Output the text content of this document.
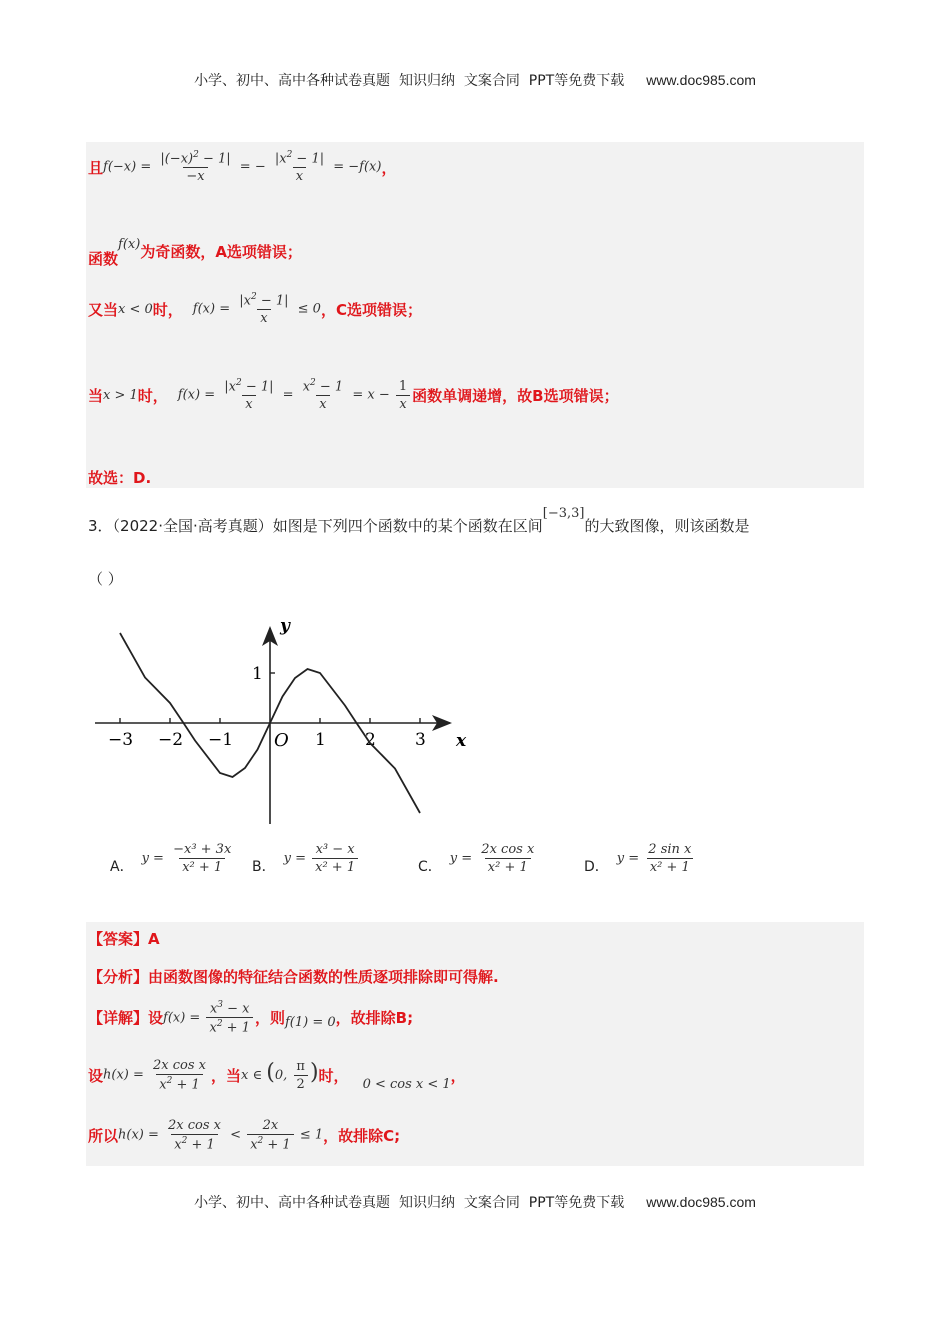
小学、初中、高中各种试卷真题  知识归纳  文案合同  PPT等免费下载 www.doc985.com
且 $f(-x) = \frac{|(-x)^2 - 1|}{-x}$ = − $\frac{|x^2 - 1|}{x} = -f(x)$ ，
函数
f(x) 为奇函数，A选项错误；
又当 x < 0 时， $f(x) = \frac{|x^2 - 1|}{x} \le 0$ ，C选项错误；
当 x > 1 时， $f(x) = \frac{|x^2 - 1|}{x} = \frac{x^2 - 1}{x} = x - \frac{1}{x}$ 函数单调递增，故B选项错误；
故选：D.
3．（2022·全国·高考真题）如图是下列四个函数中的某个函数在区间[−3,3]的大致图像，则该函数是
（ ）
−3 −2 −1	1 2 3
1
x
y
O
A．
$y = \frac{\text{−x³ + 3x}}{\text{x² + 1}}$ B．
$y = \frac{\text{x³ − x}}{\text{x² + 1}}$	C．
$y = \frac{\text{2x cos x}}{\text{x² + 1}}$	D．
$y = \frac{\text{2 sin x}}{\text{x² + 1}}$
【答案】A
【分析】由函数图像的特征结合函数的性质逐项排除即可得解.
【详解】设 $f(x) = \frac{x^3 - x}{x^2 + 1}$ ，则 f(1) = 0 ，故排除B;
设 $h(x) = \frac{\text{2x cos x}}{x^2 + 1}$ ，当 x ∈ (0, $\frac{\pi}{2}$ ) 时， 0 < cos x < 1 ，
所以 $h(x) = \frac{\text{2x cos x}}{x^2 + 1} < \frac{2x}{x^2 + 1} \le 1$ ，故排除C;
小学、初中、高中各种试卷真题  知识归纳  文案合同  PPT等免费下载 www.doc985.com
